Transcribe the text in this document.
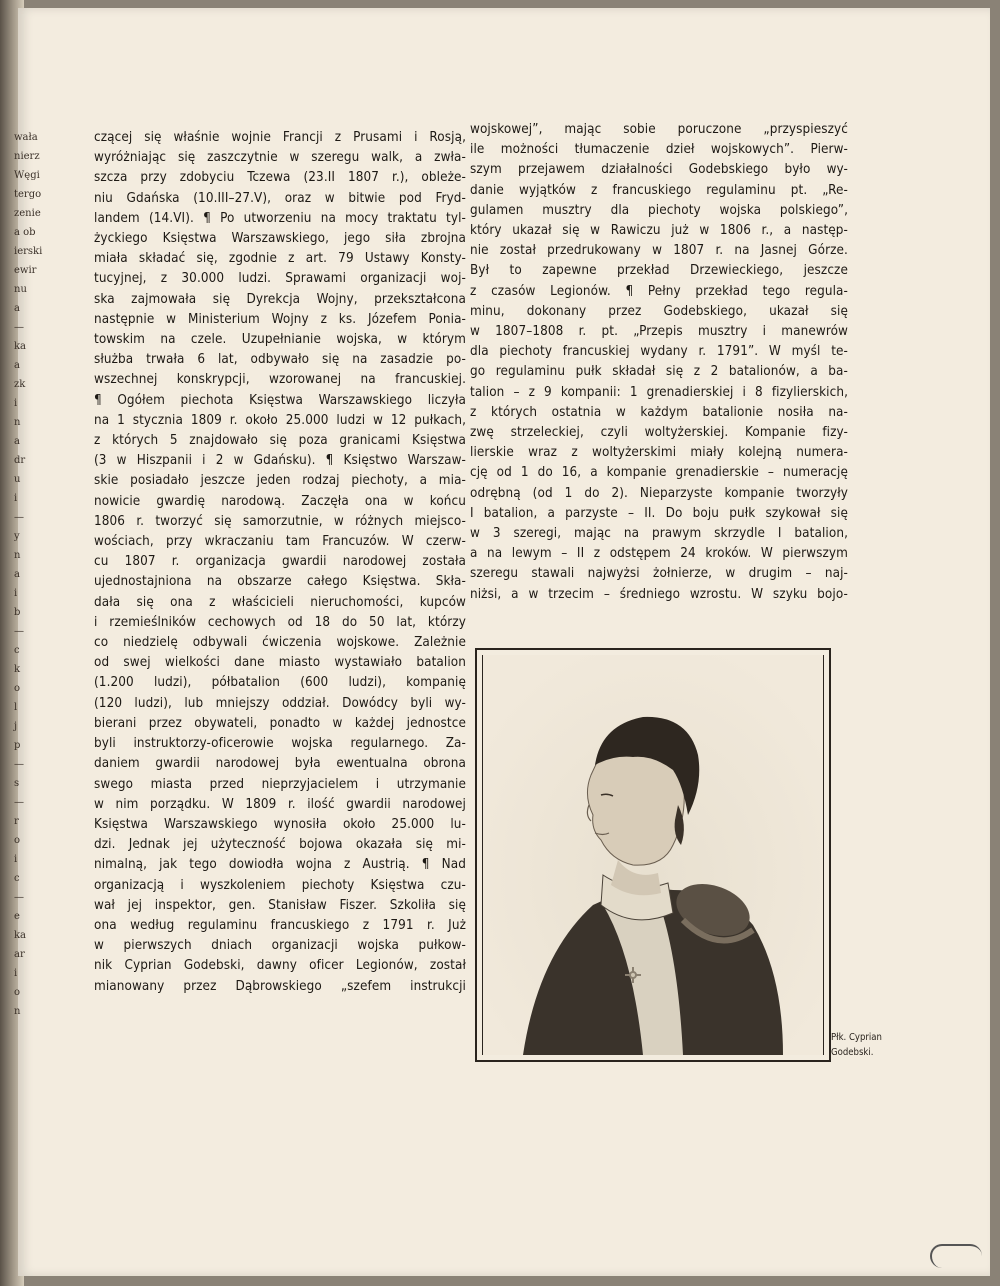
wała
nierz
Węgi
tergo
zenie
a ob
ierski
ewir
nu
a
—
ka
a
zk
i
n
a
dr
u
i
—
y
n
a
i
b
—
c
k
o
l
j
p
—
s
—
r
o
i
c
—
e
ka
ar
i
o
n
czącej się właśnie wojnie Francji z Prusami i Rosją,
wyróżniając się zaszczytnie w szeregu walk, a zwła-
szcza przy zdobyciu Tczewa (23.II 1807 r.), obleże-
niu Gdańska (10.III–27.V), oraz w bitwie pod Fryd-
landem (14.VI). ¶ Po utworzeniu na mocy traktatu tyl-
życkiego Księstwa Warszawskiego, jego siła zbrojna
miała składać się, zgodnie z art. 79 Ustawy Konsty-
tucyjnej, z 30.000 ludzi. Sprawami organizacji woj-
ska zajmowała się Dyrekcja Wojny, przekształcona
następnie w Ministerium Wojny z ks. Józefem Ponia-
towskim na czele. Uzupełnianie wojska, w którym
służba trwała 6 lat, odbywało się na zasadzie po-
wszechnej konskrypcji, wzorowanej na francuskiej.
¶ Ogółem piechota Księstwa Warszawskiego liczyła
na 1 stycznia 1809 r. około 25.000 ludzi w 12 pułkach,
z których 5 znajdowało się poza granicami Księstwa
(3 w Hiszpanii i 2 w Gdańsku). ¶ Księstwo Warszaw-
skie posiadało jeszcze jeden rodzaj piechoty, a mia-
nowicie gwardię narodową. Zaczęła ona w końcu
1806 r. tworzyć się samorzutnie, w różnych miejsco-
wościach, przy wkraczaniu tam Francuzów. W czerw-
cu 1807 r. organizacja gwardii narodowej została
ujednostajniona na obszarze całego Księstwa. Skła-
dała się ona z właścicieli nieruchomości, kupców
i rzemieślników cechowych od 18 do 50 lat, którzy
co niedzielę odbywali ćwiczenia wojskowe. Zależnie
od swej wielkości dane miasto wystawiało batalion
(1.200 ludzi), półbatalion (600 ludzi), kompanię
(120 ludzi), lub mniejszy oddział. Dowódcy byli wy-
bierani przez obywateli, ponadto w każdej jednostce
byli instruktorzy-oficerowie wojska regularnego. Za-
daniem gwardii narodowej była ewentualna obrona
swego miasta przed nieprzyjacielem i utrzymanie
w nim porządku. W 1809 r. ilość gwardii narodowej
Księstwa Warszawskiego wynosiła około 25.000 lu-
dzi. Jednak jej użyteczność bojowa okazała się mi-
nimalną, jak tego dowiodła wojna z Austrią. ¶ Nad
organizacją i wyszkoleniem piechoty Księstwa czu-
wał jej inspektor, gen. Stanisław Fiszer. Szkoliła się
ona według regulaminu francuskiego z 1791 r. Już
w pierwszych dniach organizacji wojska pułkow-
nik Cyprian Godebski, dawny oficer Legionów, został
mianowany przez Dąbrowskiego „szefem instrukcji
wojskowej”, mając sobie poruczone „przyspieszyć
ile możności tłumaczenie dzieł wojskowych”. Pierw-
szym przejawem działalności Godebskiego było wy-
danie wyjątków z francuskiego regulaminu pt. „Re-
gulamen musztry dla piechoty wojska polskiego”,
który ukazał się w Rawiczu już w 1806 r., a następ-
nie został przedrukowany w 1807 r. na Jasnej Górze.
Był to zapewne przekład Drzewieckiego, jeszcze
z czasów Legionów. ¶ Pełny przekład tego regula-
minu, dokonany przez Godebskiego, ukazał się
w 1807–1808 r. pt. „Przepis musztry i manewrów
dla piechoty francuskiej wydany r. 1791”. W myśl te-
go regulaminu pułk składał się z 2 batalionów, a ba-
talion – z 9 kompanii: 1 grenadierskiej i 8 fizylierskich,
z których ostatnia w każdym batalionie nosiła na-
zwę strzeleckiej, czyli woltyżerskiej. Kompanie fizy-
lierskie wraz z woltyżerskimi miały kolejną numera-
cję od 1 do 16, a kompanie grenadierskie – numerację
odrębną (od 1 do 2). Nieparzyste kompanie tworzyły
I batalion, a parzyste – II. Do boju pułk szykował się
w 3 szeregi, mając na prawym skrzydle I batalion,
a na lewym – II z odstępem 24 kroków. W pierwszym
szeregu stawali najwyżsi żołnierze, w drugim – naj-
niżsi, a w trzecim – średniego wzrostu. W szyku bojo-
Płk. Cyprian
Godebski.
